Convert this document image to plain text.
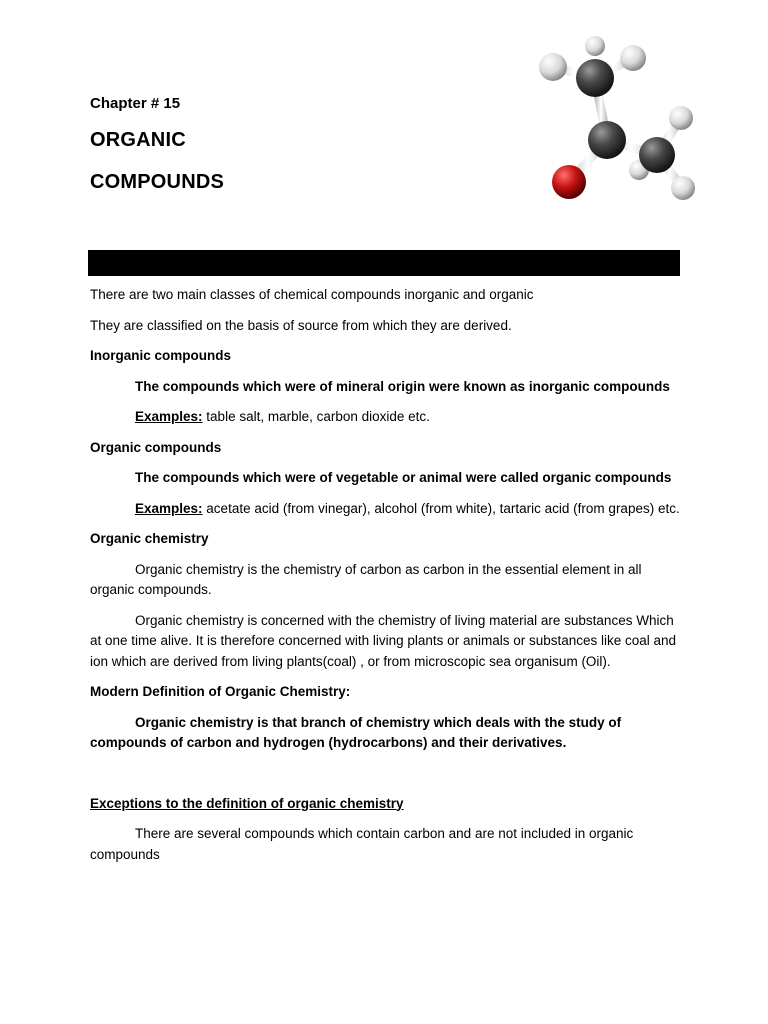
Chapter # 15
ORGANIC
COMPOUNDS

There are two main classes of chemical compounds inorganic and organic

They are classified on the basis of source from which they are derived.

Inorganic compounds

The compounds which were of mineral origin were known as inorganic compounds

Examples: table salt, marble, carbon dioxide etc.

Organic compounds

The compounds which were of vegetable or animal were called organic compounds

Examples: acetate acid (from vinegar), alcohol (from white), tartaric acid (from grapes) etc.

Organic chemistry

Organic chemistry is the chemistry of carbon as carbon in the essential element in all organic compounds.

Organic chemistry is concerned with the chemistry of living material are substances Which at one time alive. It is therefore concerned with living plants or animals or substances like coal and ion which are derived from living plants(coal) , or from microscopic sea organisum (Oil).

Modern Definition of Organic Chemistry:

Organic chemistry is that branch of chemistry which deals with the study of compounds of carbon and hydrogen (hydrocarbons) and their derivatives.

Exceptions to the definition of organic chemistry

There are several compounds which contain carbon and are not included in organic compounds
